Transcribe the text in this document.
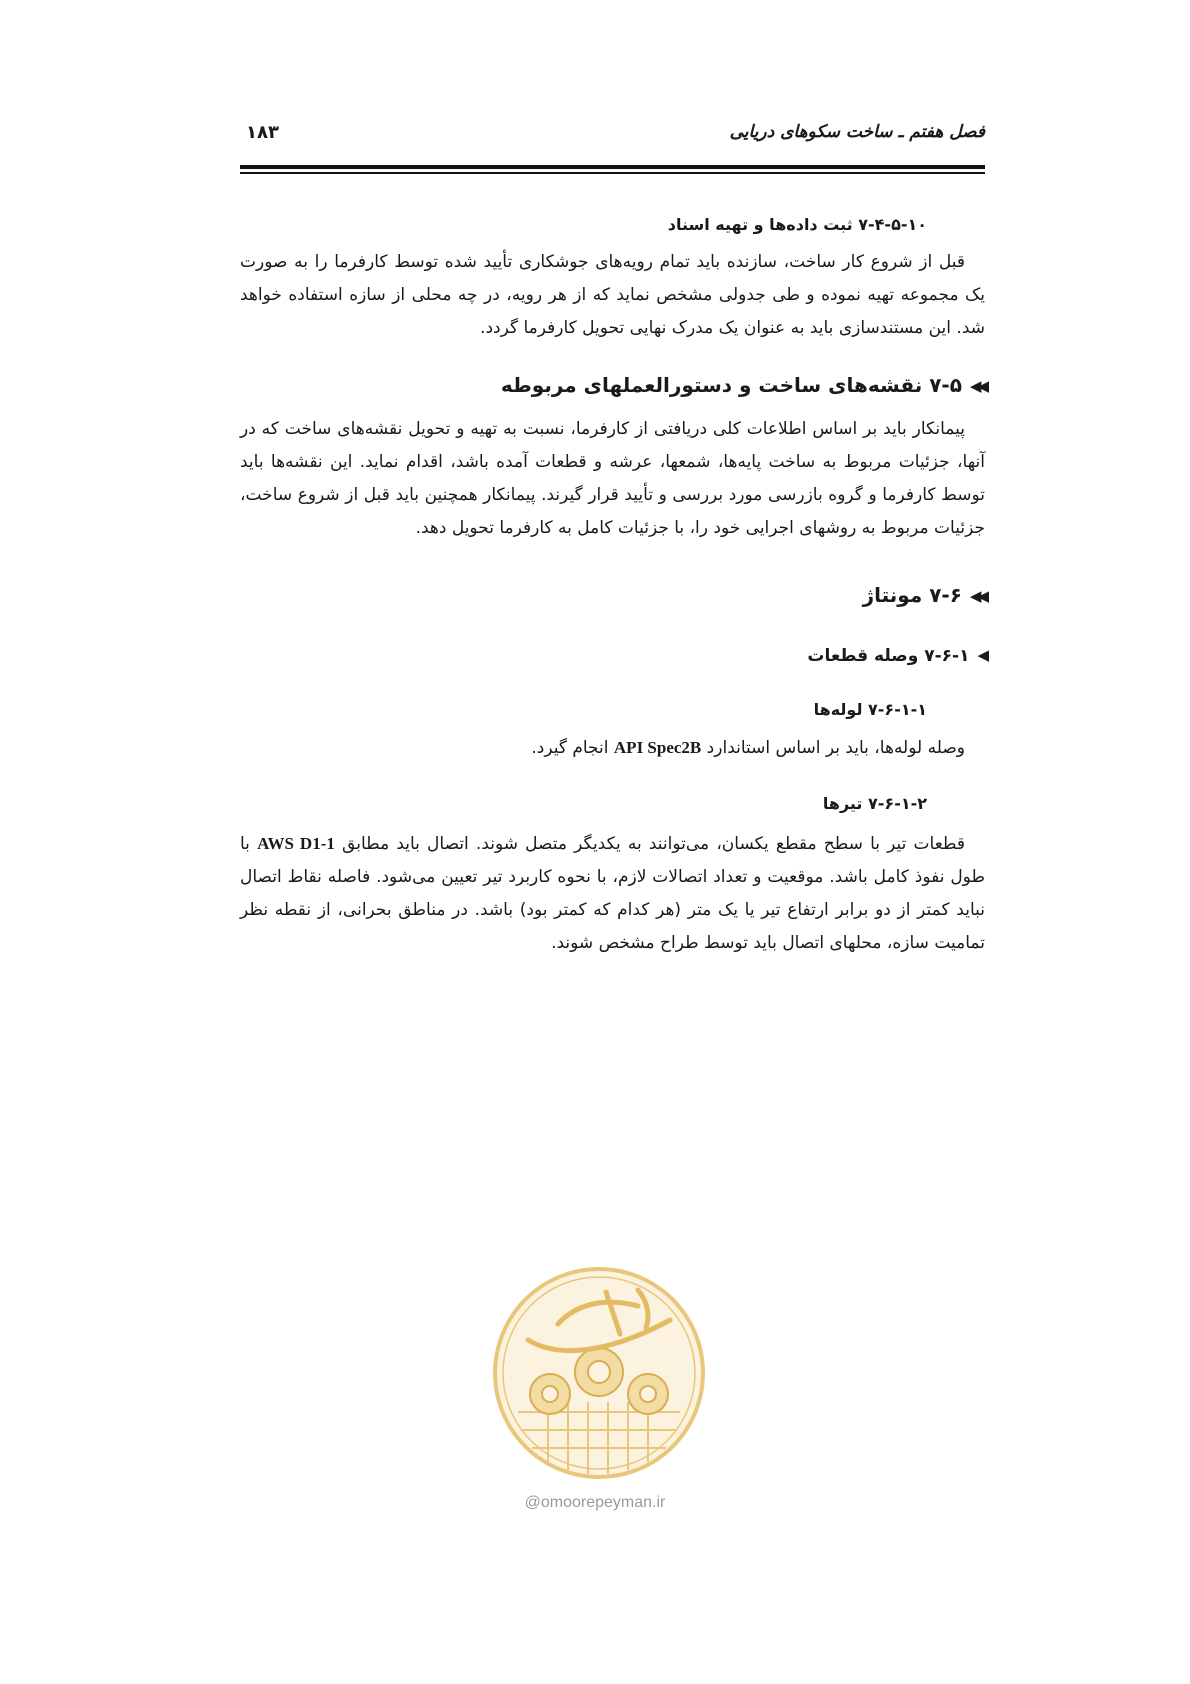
فصل هفتم ـ ساخت سکوهای دریایی
۱۸۳
۷-۴-۵-۱۰ ثبت داده‌ها و تهیه اسناد

قبل از شروع کار ساخت، سازنده باید تمام رویه‌های جوشکاری تأیید شده توسط کارفرما را به صورت یک مجموعه تهیه نموده و طی جدولی مشخص نماید که از هر رویه، در چه محلی از سازه استفاده خواهد شد. این مستندسازی باید به عنوان یک مدرک نهایی تحویل کارفرما گردد.

◀◀۷-۵ نقشه‌های ساخت و دستورالعملهای مربوطه

پیمانکار باید بر اساس اطلاعات کلی دریافتی از کارفرما، نسبت به تهیه و تحویل نقشه‌های ساخت که در آنها، جزئیات مربوط به ساخت پایه‌ها، شمعها، عرشه و قطعات آمده باشد، اقدام نماید. این نقشه‌ها باید توسط کارفرما و گروه بازرسی مورد بررسی و تأیید قرار گیرند. پیمانکار همچنین باید قبل از شروع ساخت، جزئیات مربوط به روشهای اجرایی خود را، با جزئیات کامل به کارفرما تحویل دهد.

◀◀۷-۶ مونتاژ
◀۷-۶-۱ وصله قطعات
۷-۶-۱-۱ لوله‌ها

وصله لوله‌ها، باید بر اساس استاندارد API Spec2B انجام گیرد.

۷-۶-۱-۲ تیرها

قطعات تیر با سطح مقطع یکسان، می‌توانند به یکدیگر متصل شوند. اتصال باید مطابق AWS D1-1 با طول نفوذ کامل باشد. موقعیت و تعداد اتصالات لازم، با نحوه کاربرد تیر تعیین می‌شود. فاصله نقاط اتصال نباید کمتر از دو برابر ارتفاع تیر یا یک متر (هر کدام که کمتر بود) باشد. در مناطق بحرانی، از نقطه نظر تمامیت سازه، محلهای اتصال باید توسط طراح مشخص شوند.

@omoorepeyman.ir
